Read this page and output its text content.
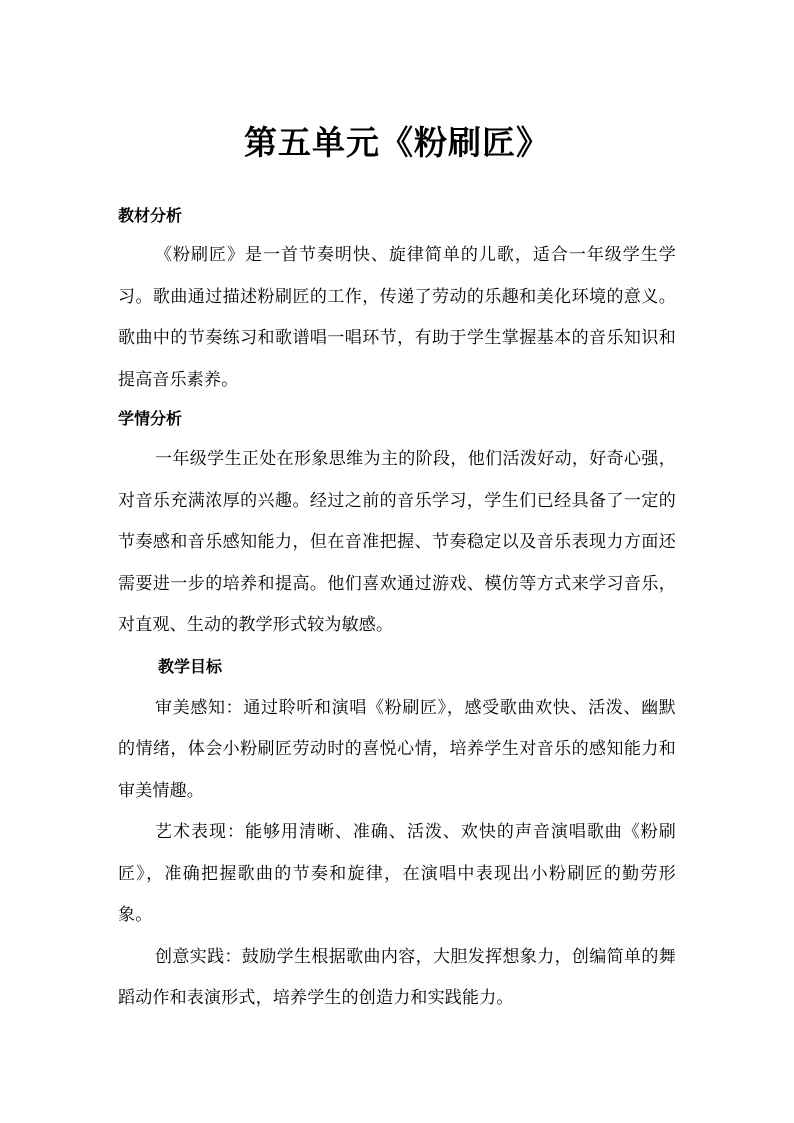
第五单元《粉刷匠》
教材分析

《粉刷匠》是一首节奏明快、旋律简单的儿歌，适合一年级学生学习。歌曲通过描述粉刷匠的工作，传递了劳动的乐趣和美化环境的意义。歌曲中的节奏练习和歌谱唱一唱环节，有助于学生掌握基本的音乐知识和提高音乐素养。

学情分析

一年级学生正处在形象思维为主的阶段，他们活泼好动，好奇心强，对音乐充满浓厚的兴趣。经过之前的音乐学习，学生们已经具备了一定的节奏感和音乐感知能力，但在音准把握、节奏稳定以及音乐表现力方面还需要进一步的培养和提高。他们喜欢通过游戏、模仿等方式来学习音乐，对直观、生动的教学形式较为敏感。

教学目标

审美感知：通过聆听和演唱《粉刷匠》，感受歌曲欢快、活泼、幽默的情绪，体会小粉刷匠劳动时的喜悦心情，培养学生对音乐的感知能力和审美情趣。

艺术表现：能够用清晰、准确、活泼、欢快的声音演唱歌曲《粉刷匠》，准确把握歌曲的节奏和旋律，在演唱中表现出小粉刷匠的勤劳形象。

创意实践：鼓励学生根据歌曲内容，大胆发挥想象力，创编简单的舞蹈动作和表演形式，培养学生的创造力和实践能力。
